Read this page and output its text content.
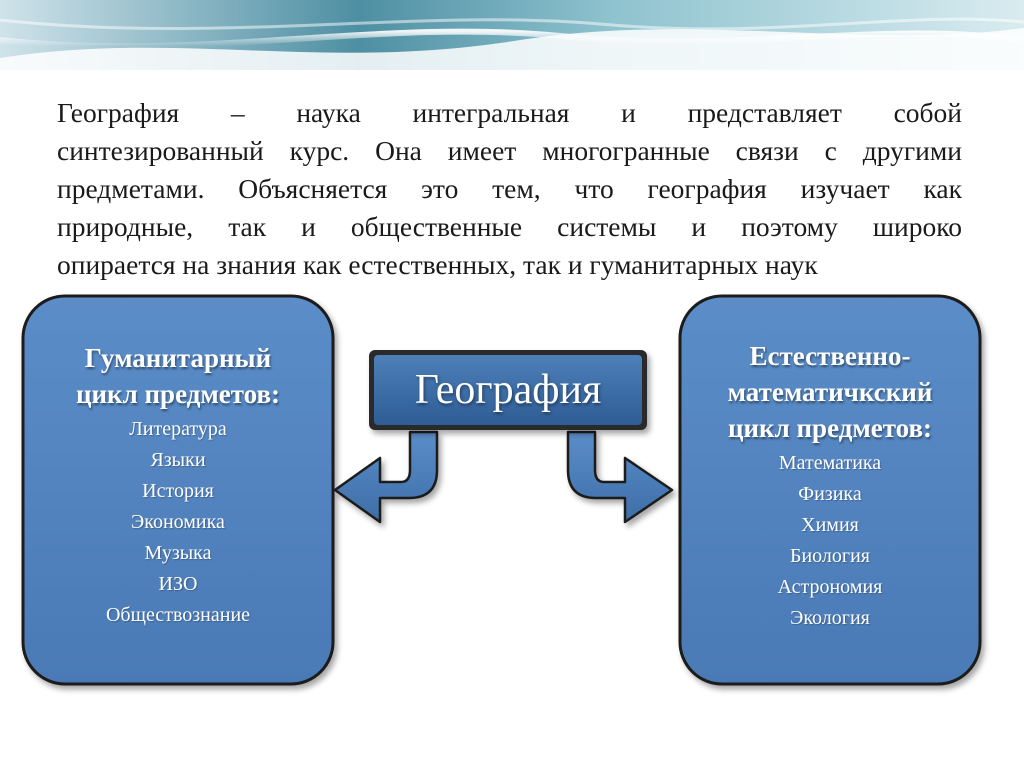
География – наука интегральная и представляет собой
синтезированный курс. Она имеет многогранные связи с другими
предметами. Объясняется это тем, что география изучает как
природные, так и общественные системы и поэтому широко
опирается на знания как естественных, так и гуманитарных наук
География
Гуманитарный
цикл предметов:
Литература
Языки
История
Экономика
Музыка
ИЗО
Обществознание
Естественно-
математичкский
цикл предметов:
Математика
Физика
Химия
Биология
Астрономия
Экология
